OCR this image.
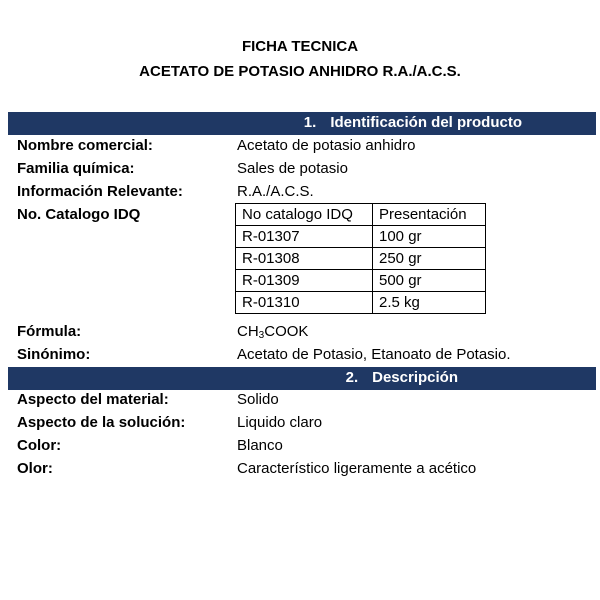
FICHA TECNICA
ACETATO DE POTASIO ANHIDRO R.A./A.C.S.
1. Identificación del producto
Nombre comercial:	Acetato de potasio anhidro
Familia química:	Sales de potasio
Información Relevante:	R.A./A.C.S.
No. Catalogo IDQ	No catalogo IDQ	Presentación
R-01307	100 gr
R-01308	250 gr
R-01309	500 gr
R-01310	2.5 kg
Fórmula:	$CH_3COOK$
Sinónimo:	Acetato de Potasio, Etanoato de Potasio.
2. Descripción
Aspecto del material:	Solido
Aspecto de la solución:	Liquido claro
Color:	Blanco
Olor:	Característico ligeramente a acético
